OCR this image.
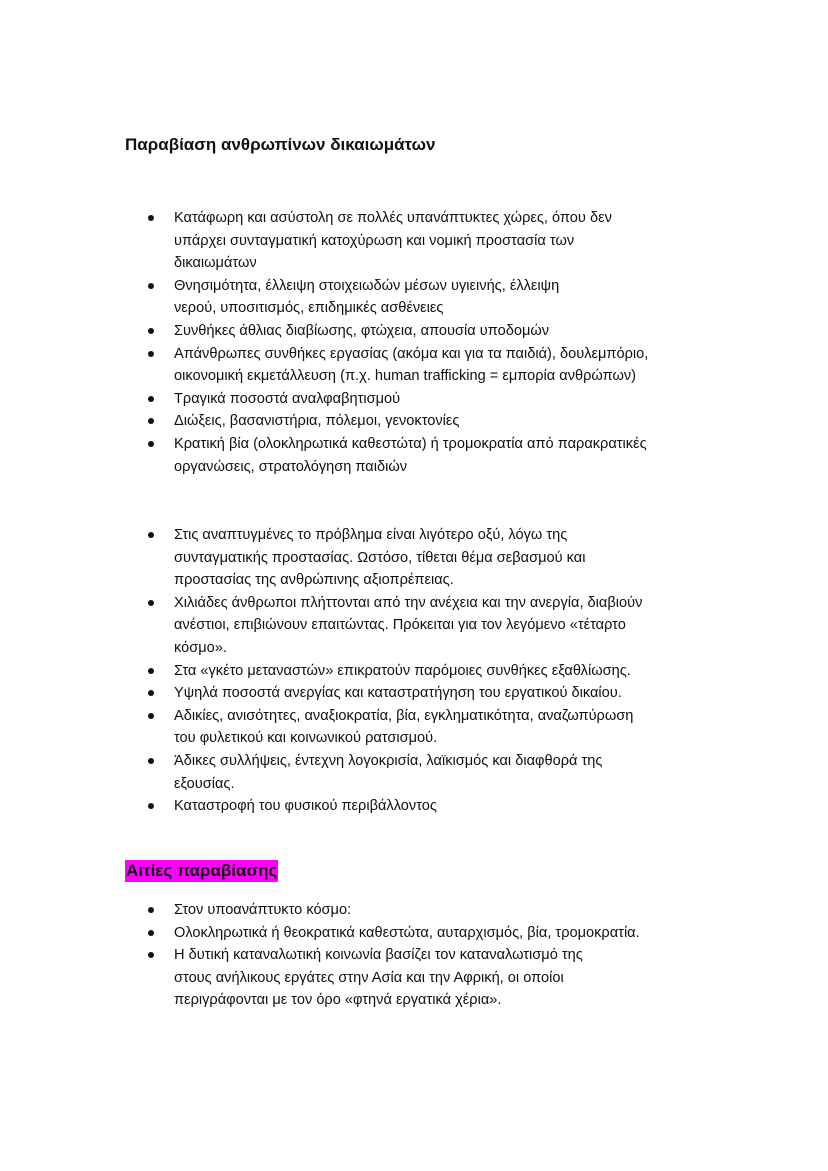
Παραβίαση ανθρωπίνων δικαιωμάτων
Κατάφωρη και ασύστολη σε πολλές υπανάπτυκτες χώρες, όπου δεν
υπάρχει συνταγματική κατοχύρωση και νομική προστασία των
δικαιωμάτων
Θνησιμότητα, έλλειψη στοιχειωδών μέσων υγιεινής, έλλειψη
νερού, υποσιτισμός, επιδημικές ασθένειες
Συνθήκες άθλιας διαβίωσης, φτώχεια, απουσία υποδομών
Απάνθρωπες συνθήκες εργασίας (ακόμα και για τα παιδιά), δουλεμπόριο,
οικονομική εκμετάλλευση (π.χ. human trafficking = εμπορία ανθρώπων)
Τραγικά ποσοστά αναλφαβητισμού
Διώξεις, βασανιστήρια, πόλεμοι, γενοκτονίες
Κρατική βία (ολοκληρωτικά καθεστώτα) ή τρομοκρατία από παρακρατικές
οργανώσεις, στρατολόγηση παιδιών
Στις αναπτυγμένες το πρόβλημα είναι λιγότερο οξύ, λόγω της
συνταγματικής προστασίας. Ωστόσο, τίθεται θέμα σεβασμού και
προστασίας της ανθρώπινης αξιοπρέπειας.
Χιλιάδες άνθρωποι πλήττονται από την ανέχεια και την ανεργία, διαβιούν
ανέστιοι, επιβιώνουν επαιτώντας. Πρόκειται για τον λεγόμενο «τέταρτο
κόσμο».
Στα «γκέτο μεταναστών» επικρατούν παρόμοιες συνθήκες εξαθλίωσης.
Υψηλά ποσοστά ανεργίας και καταστρατήγηση του εργατικού δικαίου.
Αδικίες, ανισότητες, αναξιοκρατία, βία, εγκληματικότητα, αναζωπύρωση
του φυλετικού και κοινωνικού ρατσισμού.
Άδικες συλλήψεις, έντεχνη λογοκρισία, λαϊκισμός και διαφθορά της
εξουσίας.
Καταστροφή του φυσικού περιβάλλοντος
Αιτίες παραβίασης
Στον υποανάπτυκτο κόσμο:
Ολοκληρωτικά ή θεοκρατικά καθεστώτα, αυταρχισμός, βία, τρομοκρατία.
Η δυτική καταναλωτική κοινωνία βασίζει τον καταναλωτισμό της
στους ανήλικους εργάτες στην Ασία και την Αφρική, οι οποίοι
περιγράφονται με τον όρο «φτηνά εργατικά χέρια».
